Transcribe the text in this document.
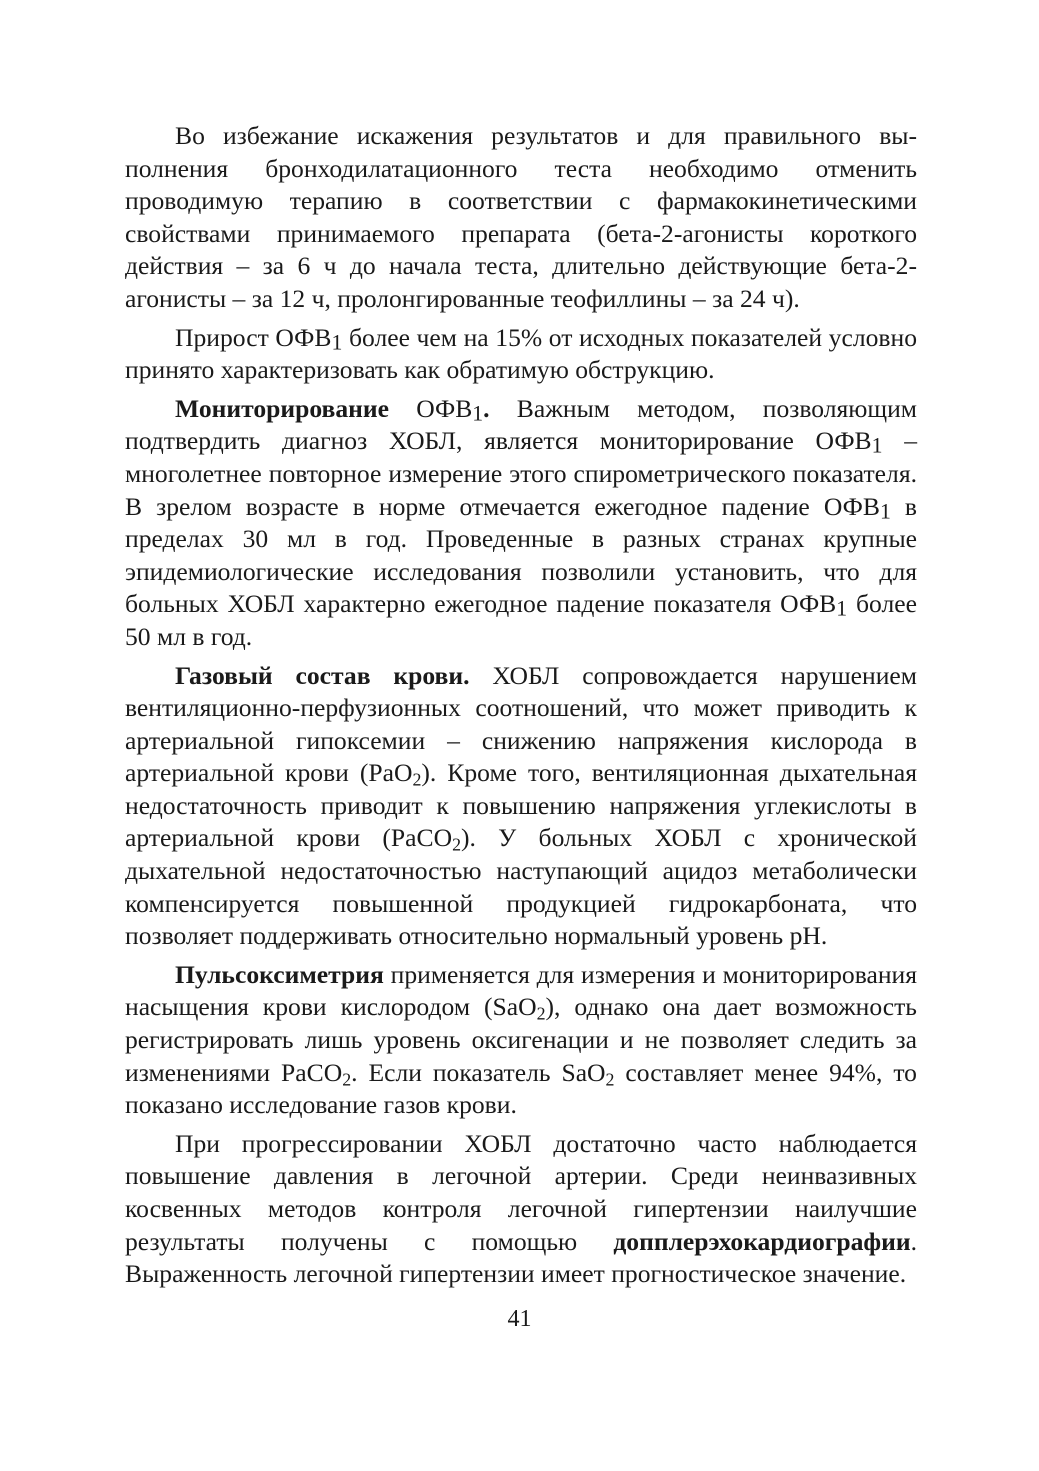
Во избежание искажения результатов и для правильного выполнения бронходилатационного теста необходимо отменить проводимую терапию в соответствии с фармакокинетическими свойствами принимаемого препарата (бета-2-агонисты короткого действия – за 6 ч до начала теста, длительно действующие бета-2-агонисты – за 12 ч, пролонгированные теофиллины – за 24 ч).

Прирост ОФВ1 более чем на 15% от исходных показателей условно принято характеризовать как обратимую обструкцию.

Мониторирование ОФВ1. Важным методом, позволяющим подтвердить диагноз ХОБЛ, является мониторирование ОФВ1 – многолетнее повторное измерение этого спирометрического показателя. В зрелом возрасте в норме отмечается ежегодное падение ОФВ1 в пределах 30 мл в год. Проведенные в разных странах крупные эпидемиологические исследования позволили установить, что для больных ХОБЛ характерно ежегодное падение показателя ОФВ1 более 50 мл в год.

Газовый состав крови. ХОБЛ сопровождается нарушением вентиляционно-перфузионных соотношений, что может приводить к артериальной гипоксемии – снижению напряжения кислорода в артериальной крови (PaO$_2$). Кроме того, вентиляционная дыхательная недостаточность приводит к повышению напряжения углекислоты в артериальной крови (PaCO$_2$). У больных ХОБЛ с хронической дыхательной недостаточностью наступающий ацидоз метаболически компенсируется повышенной продукцией гидрокарбоната, что позволяет поддерживать относительно нормальный уровень pH.

Пульсоксиметрия применяется для измерения и мониторирования насыщения крови кислородом (SaO$_2$), однако она дает возможность регистрировать лишь уровень оксигенации и не позволяет следить за изменениями PaCO$_2$. Если показатель SaO$_2$ составляет менее 94%, то показано исследование газов крови.

При прогрессировании ХОБЛ достаточно часто наблюдается повышение давления в легочной артерии. Среди неинвазивных косвенных методов контроля легочной гипертензии наилучшие результаты получены с помощью допплерэхокардиографии. Выраженность легочной гипертензии имеет прогностическое значение.

41
